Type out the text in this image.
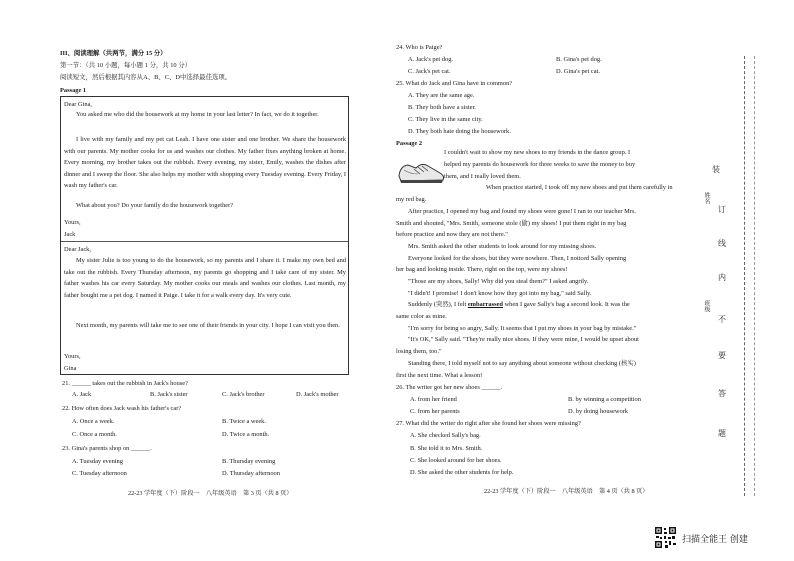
III、阅读理解（共两节，满分 15 分）
第一节：（共 10 小题，每小题 1 分，共 10 分）
阅读短文，然后根据其内容从A、B、C、D中选择最佳选项。
Passage 1
Dear Gina,
You asked me who did the housework at my home in your last letter? In fact, we do it together.
I live with my family and my pet cat Leah. I have one sister and one brother. We share the housework with our parents. My mother cooks for us and washes our clothes. My father fixes anything broken at home. Every morning, my brother takes out the rubbish. Every evening, my sister, Emily, washes the dishes after dinner and I sweep the floor. She also helps my mother with shopping every Tuesday evening. Every Friday, I wash my father's car.
What about you? Do your family do the housework together?
Yours,
Jack
Dear Jack,
My sister Julie is too young to do the housework, so my parents and I share it. I make my own bed and take out the rubbish. Every Thursday afternoon, my parents go shopping and I take care of my sister. My father washes his car every Saturday. My mother cooks our meals and washes our clothes. Last month, my father bought me a pet dog. I named it Paige. I take it for a walk every day. It's very cute.
Next month, my parents will take me to see one of their friends in your city. I hope I can visit you then.
Yours,
Gina
21. ______ takes out the rubbish in Jack's house?
A. Jack	B. Jack's sister	C. Jack's brother	D. Jack's mother
22. How often does Jack wash his father's car?
A. Once a week.	B. Twice a week.
C. Once a month.	D. Twice a month.
23. Gina's parents shop on ______.
A. Tuesday evening	B. Thursday evening
C. Tuesday afternoon	D. Thursday afternoon
22-23 学年度（下）阶段一　八年级英语　第 3 页（共 8 页）
24. Who is Paige?
A. Jack's pet dog.	B. Gina's pet dog.
C. Jack's pet cat.	D. Gina's pet cat.
25. What do Jack and Gina have in common?
A. They are the same age.
B. They both have a sister.
C. They live in the same city.
D. They both hate doing the housework.
Passage 2
I couldn't wait to show my new shoes to my friends in the dance group. I
helped my parents do housework for three weeks to save the money to buy
them, and I really loved them.
When practice started, I took off my new shoes and put them carefully in
my red bag.
After practice, I opened my bag and found my shoes were gone! I ran to our teacher Mrs.
Smith and shouted, "Mrs. Smith, someone stole (偷) my shoes! I put them right in my bag
before practice and now they are not there."
Mrs. Smith asked the other students to look around for my missing shoes.
Everyone looked for the shoes, but they were nowhere. Then, I noticed Sally opening
her bag and looking inside. There, right on the top, were my shoes!
"Those are my shoes, Sally! Why did you steal them?" I asked angrily.
"I didn't! I promise! I don't know how they got into my bag," said Sally.
Suddenly (突然), I felt embarrassed when I gave Sally's bag a second look. It was the
same color as mine.
"I'm sorry for being so angry, Sally. It seems that I put my shoes in your bag by mistake."
"It's OK," Sally said. "They're really nice shoes. If they were mine, I would be upset about
losing them, too."
Standing there, I told myself not to say anything about someone without checking (核实)
first the next time. What a lesson!
26. The writer got her new shoes ______.
A. from her friend	B. by winning a competition
C. from her parents	D. by doing housework
27. What did the writer do right after she found her shoes were missing?
A. She checked Sally's bag.
B. She told it to Mrs. Smith.
C. She looked around for her shoes.
D. She asked the other students for help.
22-23 学年度（下）阶段一　八年级英语　第 4 页（共 8 页）
装
订
线
内
不
要
答
题
姓名
班级
扫描全能王 创建
